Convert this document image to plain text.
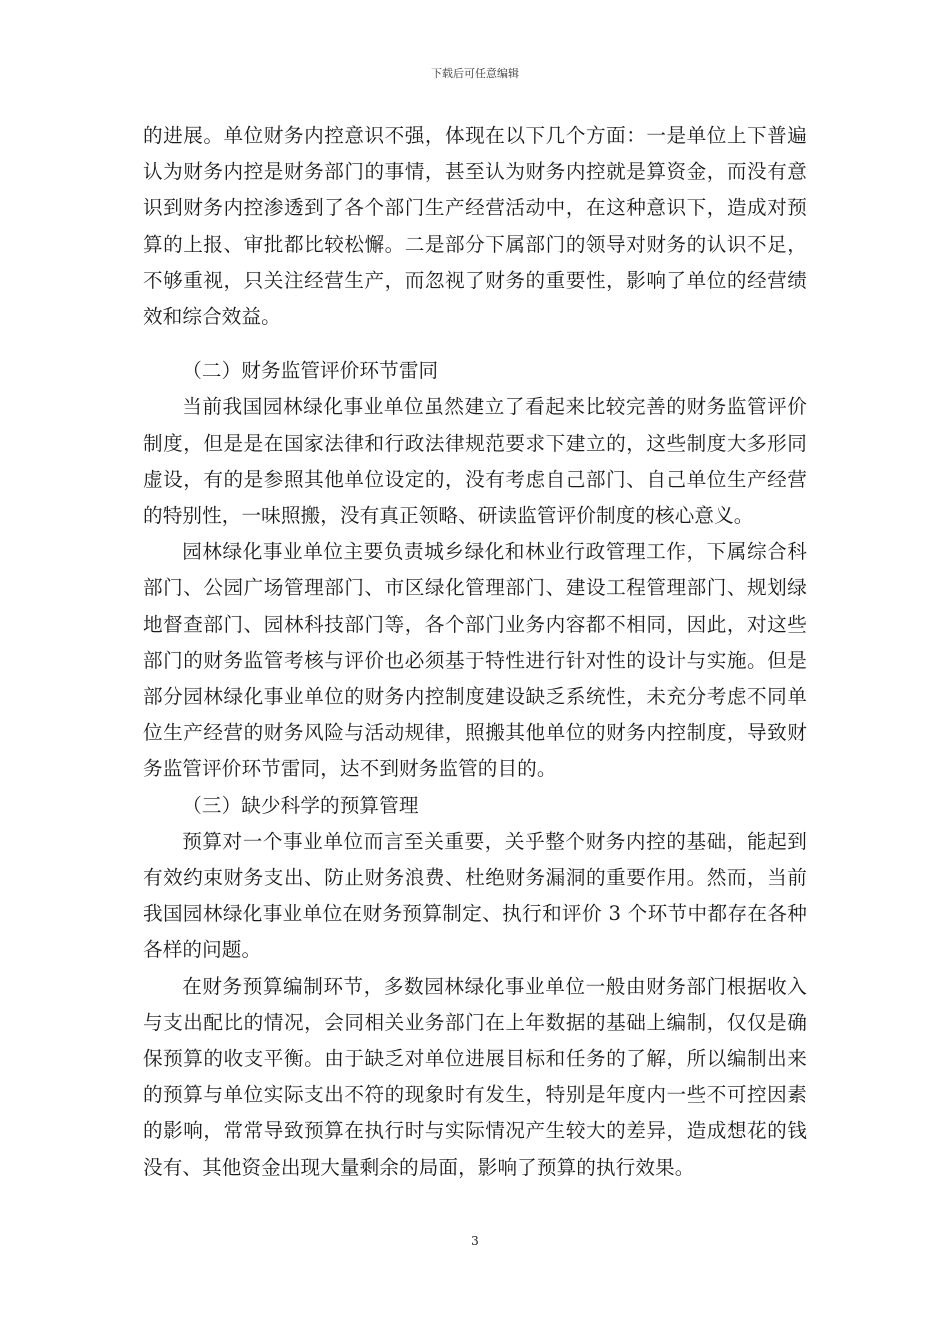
下载后可任意编辑

的进展。单位财务内控意识不强，体现在以下几个方面：一是单位上下普遍认为财务内控是财务部门的事情，甚至认为财务内控就是算资金，而没有意识到财务内控渗透到了各个部门生产经营活动中，在这种意识下，造成对预算的上报、审批都比较松懈。二是部分下属部门的领导对财务的认识不足，不够重视，只关注经营生产，而忽视了财务的重要性，影响了单位的经营绩效和综合效益。

（二）财务监管评价环节雷同

当前我国园林绿化事业单位虽然建立了看起来比较完善的财务监管评价制度，但是是在国家法律和行政法律规范要求下建立的，这些制度大多形同虚设，有的是参照其他单位设定的，没有考虑自己部门、自己单位生产经营的特别性，一味照搬，没有真正领略、研读监管评价制度的核心意义。

园林绿化事业单位主要负责城乡绿化和林业行政管理工作，下属综合科部门、公园广场管理部门、市区绿化管理部门、建设工程管理部门、规划绿地督查部门、园林科技部门等，各个部门业务内容都不相同，因此，对这些部门的财务监管考核与评价也必须基于特性进行针对性的设计与实施。但是部分园林绿化事业单位的财务内控制度建设缺乏系统性，未充分考虑不同单位生产经营的财务风险与活动规律，照搬其他单位的财务内控制度，导致财务监管评价环节雷同，达不到财务监管的目的。

（三）缺少科学的预算管理

预算对一个事业单位而言至关重要，关乎整个财务内控的基础，能起到有效约束财务支出、防止财务浪费、杜绝财务漏洞的重要作用。然而，当前我国园林绿化事业单位在财务预算制定、执行和评价 3 个环节中都存在各种各样的问题。

在财务预算编制环节，多数园林绿化事业单位一般由财务部门根据收入与支出配比的情况，会同相关业务部门在上年数据的基础上编制，仅仅是确保预算的收支平衡。由于缺乏对单位进展目标和任务的了解，所以编制出来的预算与单位实际支出不符的现象时有发生，特别是年度内一些不可控因素的影响，常常导致预算在执行时与实际情况产生较大的差异，造成想花的钱没有、其他资金出现大量剩余的局面，影响了预算的执行效果。

3
